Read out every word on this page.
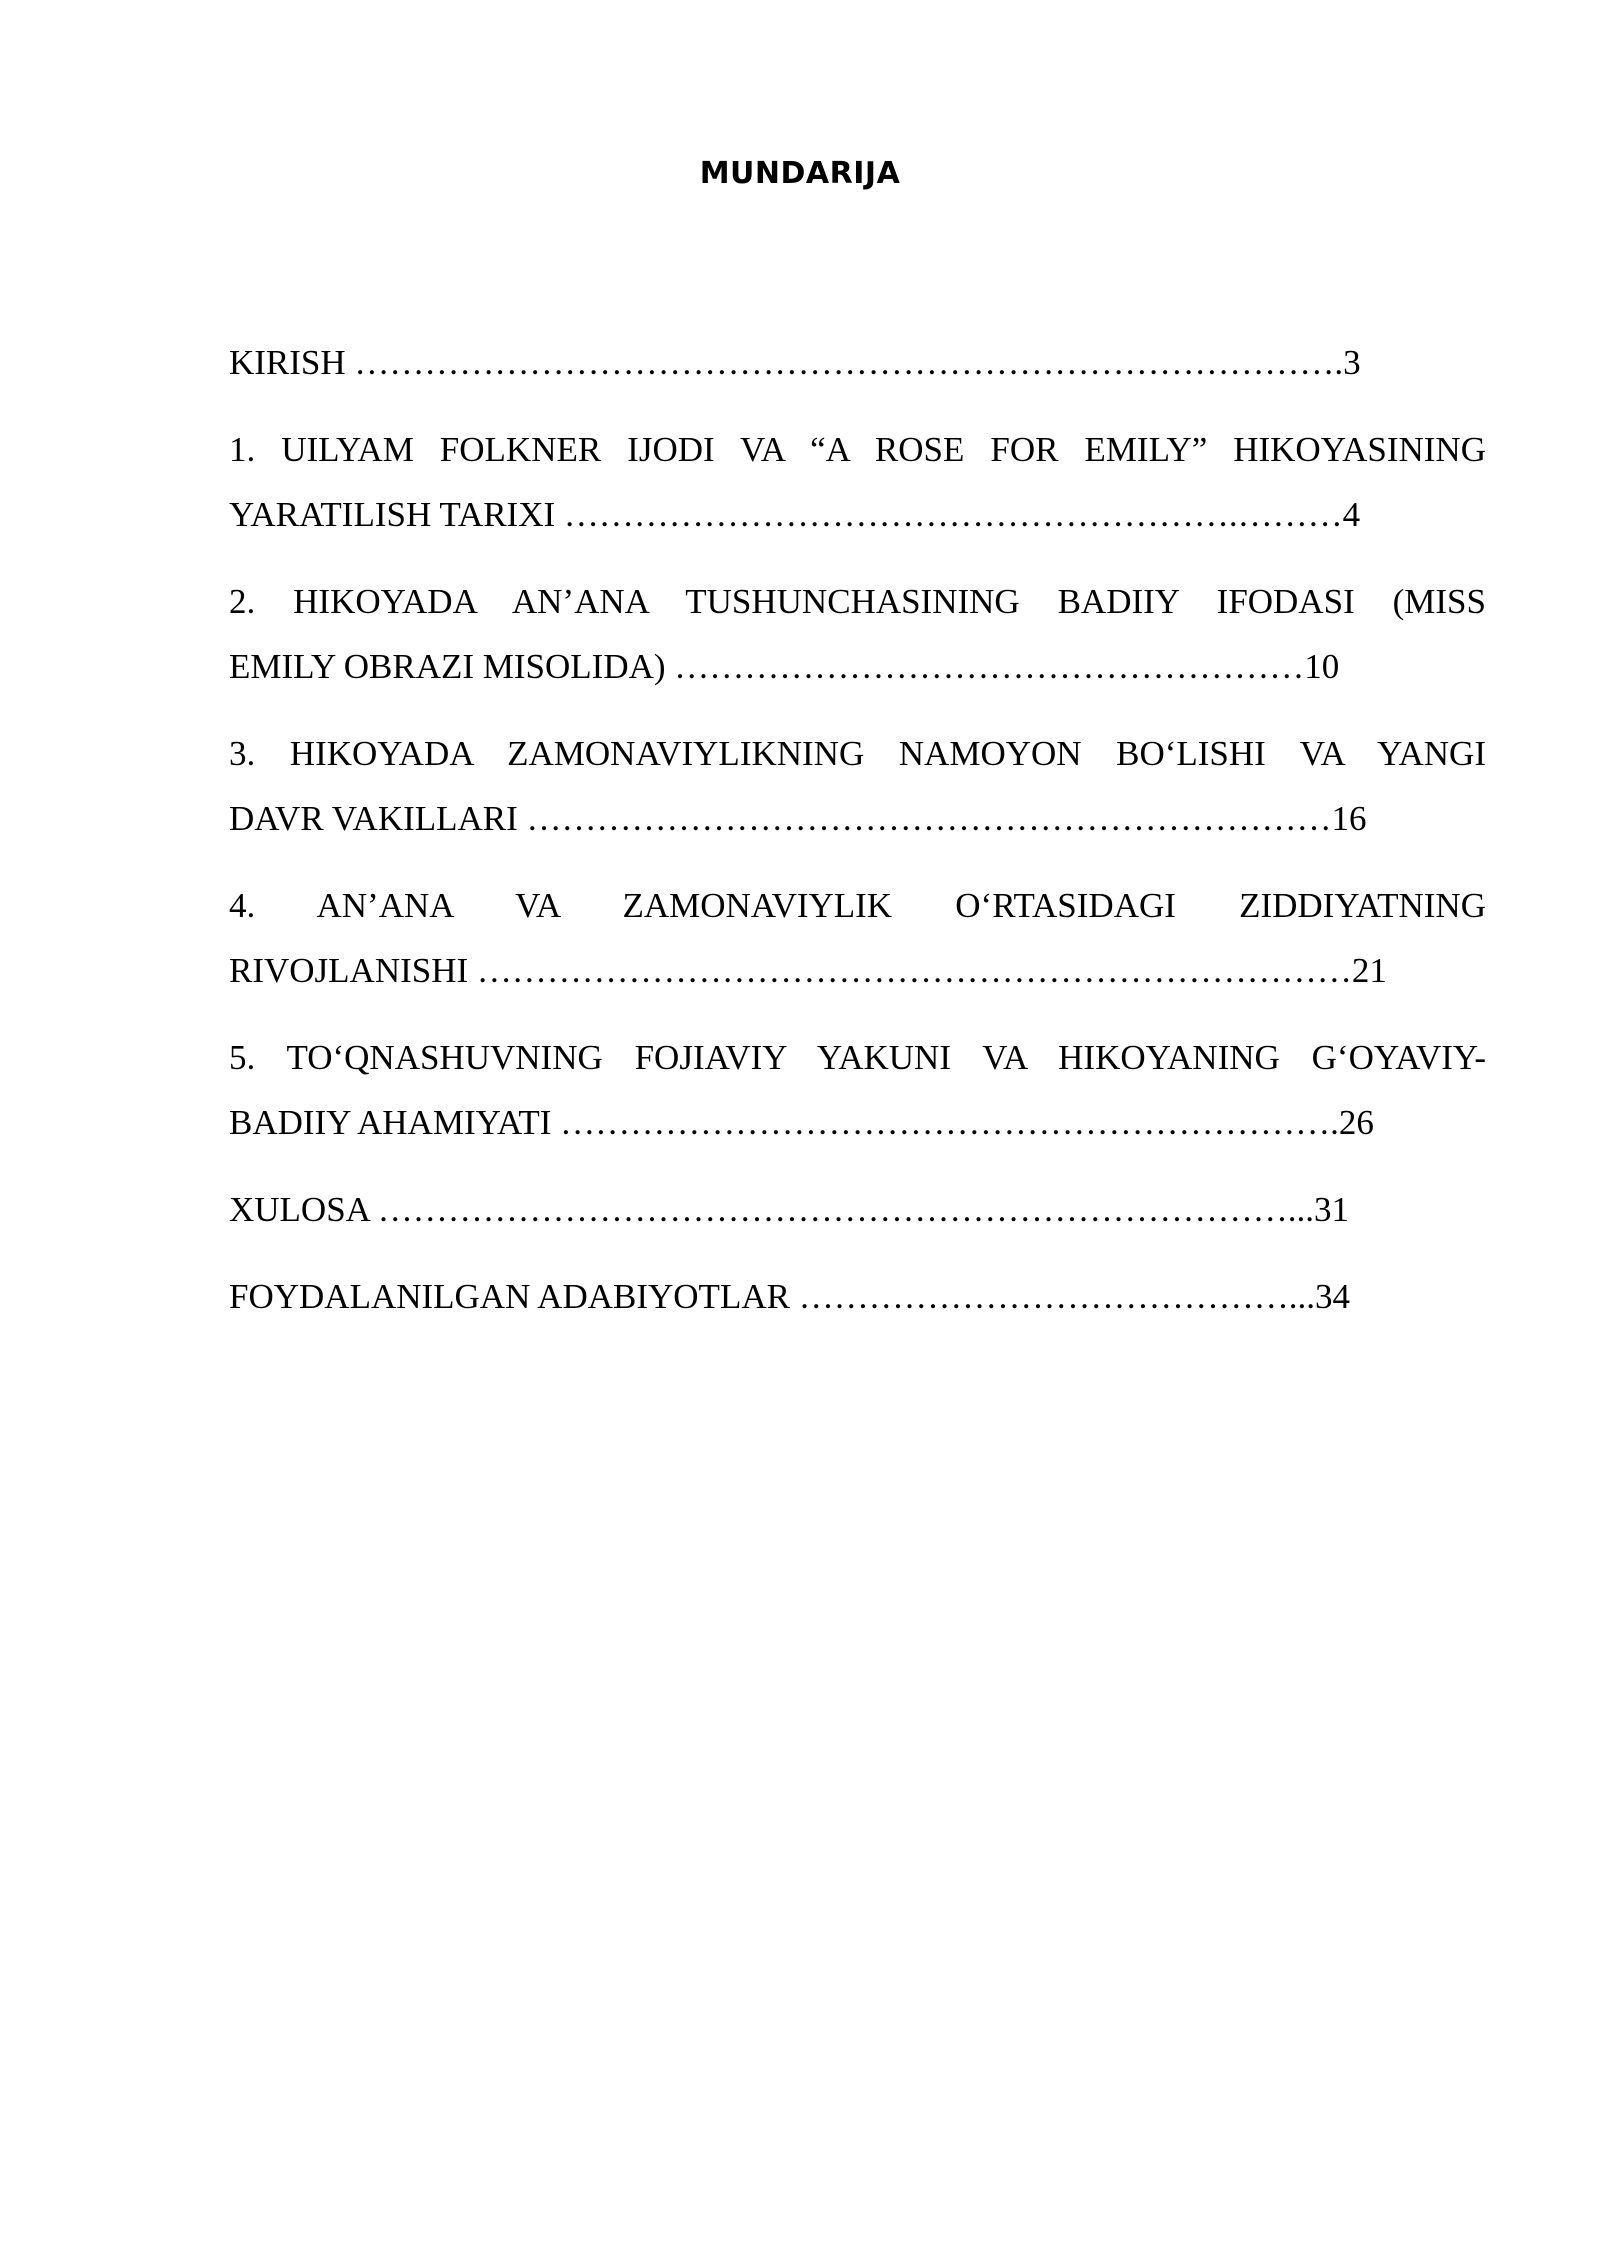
MUNDARIJA

KIRISH ………………………………………………………………………….3

1. UILYAM FOLKNER IJODI VA “A ROSE FOR EMILY” HIKOYASINING
YARATILISH TARIXI ………………………………………………….………4

2. HIKOYADA AN’ANA TUSHUNCHASINING BADIIY IFODASI (MISS
EMILY OBRAZI MISOLIDA) ………………………………………………10

3. HIKOYADA ZAMONAVIYLIKNING NAMOYON BO‘LISHI VA YANGI
DAVR VAKILLARI ……………………………………………………………16

4. AN’ANA VA ZAMONAVIYLIK O‘RTASIDAGI ZIDDIYATNING
RIVOJLANISHI …………………………………………………………………21

5. TO‘QNASHUVNING FOJIAVIY YAKUNI VA HIKOYANING G‘OYAVIY-
BADIIY AHAMIYATI ………………………………………………………….26

XULOSA ……………………………………………………………………...31

FOYDALANILGAN ADABIYOTLAR ……………………………………...34
